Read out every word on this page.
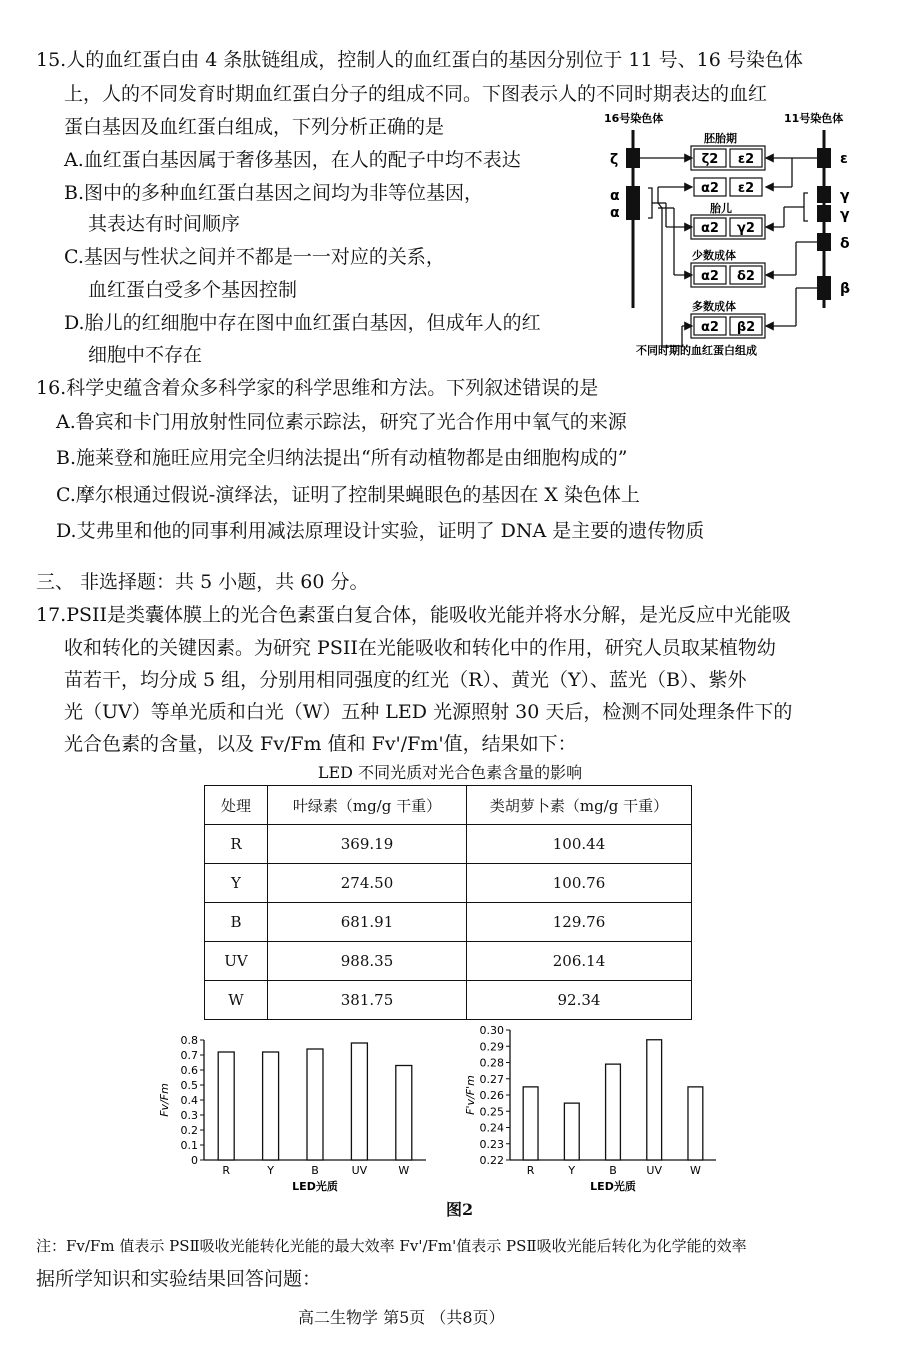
15.人的血红蛋白由 4 条肽链组成，控制人的血红蛋白的基因分别位于 11 号、16 号染色体
上，人的不同发育时期血红蛋白分子的组成不同。下图表示人的不同时期表达的血红
蛋白基因及血红蛋白组成，下列分析正确的是
A.血红蛋白基因属于奢侈基因，在人的配子中均不表达
B.图中的多种血红蛋白基因之间均为非等位基因，
其表达有时间顺序
C.基因与性状之间并不都是一一对应的关系，
血红蛋白受多个基因控制
D.胎儿的红细胞中存在图中血红蛋白基因，但成年人的红
细胞中不存在
16号染色体	11号染色体
ζ
α
α
ε
γ
γ
δ
β
胚胎期
胎儿
少数成体
多数成体
ζ2 ε2
α2 ε2
α2 γ2
α2 δ2
α2 β2
不同时期的血红蛋白组成
16.科学史蕴含着众多科学家的科学思维和方法。下列叙述错误的是
A.鲁宾和卡门用放射性同位素示踪法，研究了光合作用中氧气的来源
B.施莱登和施旺应用完全归纳法提出“所有动植物都是由细胞构成的”
C.摩尔根通过假说-演绎法，证明了控制果蝇眼色的基因在 X 染色体上
D.艾弗里和他的同事利用减法原理设计实验，证明了 DNA 是主要的遗传物质
三、 非选择题：共 5 小题，共 60 分。
17.PSII是类囊体膜上的光合色素蛋白复合体，能吸收光能并将水分解，是光反应中光能吸
收和转化的关键因素。为研究 PSII在光能吸收和转化中的作用，研究人员取某植物幼
苗若干，均分成 5 组，分别用相同强度的红光（R）、黄光（Y）、蓝光（B）、紫外
光（UV）等单光质和白光（W）五种 LED 光源照射 30 天后，检测不同处理条件下的
光合色素的含量，以及 Fv/Fm 值和 Fv'/Fm'值，结果如下：
LED 不同光质对光合色素含量的影响
处理	叶绿素（mg/g 干重）	类胡萝卜素（mg/g 干重）
R	369.19	100.44
Y	274.50	100.76
B	681.91	129.76
UV	988.35	206.14
W	381.75	92.34
0
0.1
0.2
0.3
0.4
0.5
0.6
0.7
0.8
R	Y	B	UV	W
LED光质
Fv/Fm
0.22
0.23
0.24
0.25
0.26
0.27
0.28
0.29
0.30
R	Y	B	UV	W
LED光质
F'v/F'm
图2
注：Fv/Fm 值表示 PSⅡ吸收光能转化光能的最大效率 Fv'/Fm'值表示 PSⅡ吸收光能后转化为化学能的效率
据所学知识和实验结果回答问题：
高二生物学 第5页 （共8页）
